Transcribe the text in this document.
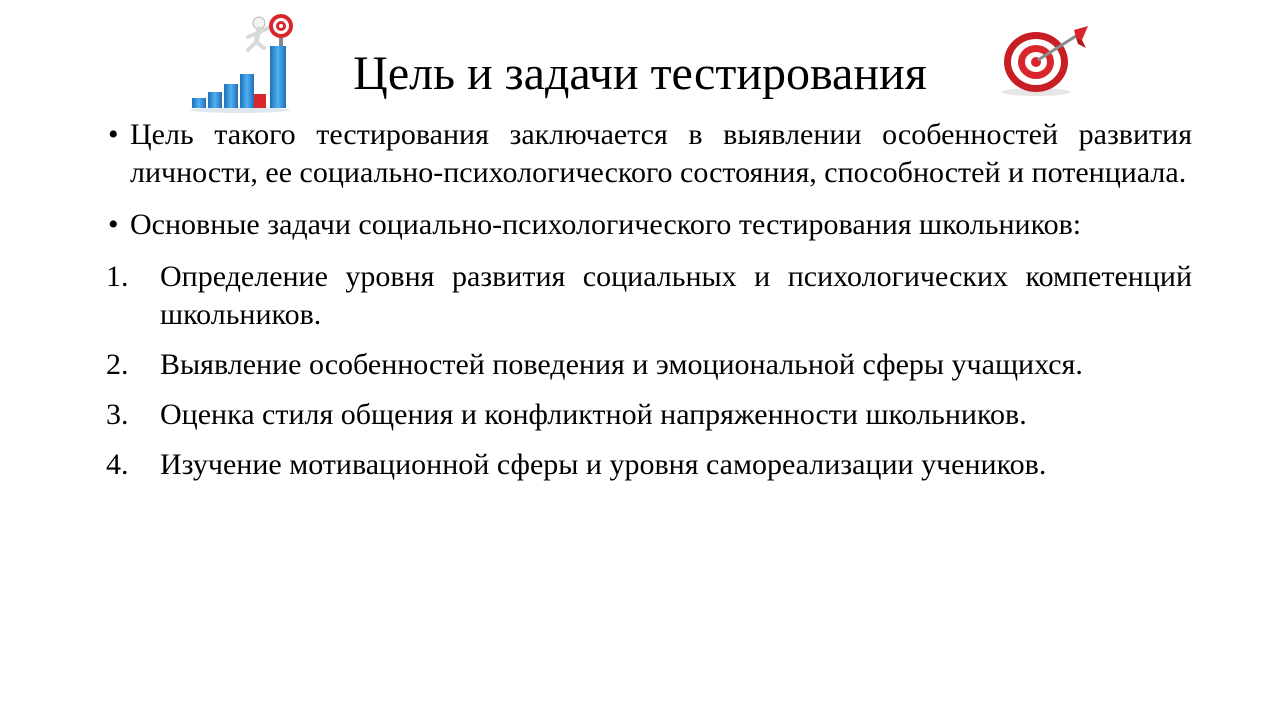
Цель и задачи тестирования
• Цель такого тестирования заключается в выявлении особенностей развития личности, ее социально-психологического состояния, способностей и потенциала.
• Основные задачи социально-психологического тестирования школьников:
1. Определение уровня развития социальных и психологических компетенций школьников.
2. Выявление особенностей поведения и эмоциональной сферы учащихся.
3. Оценка стиля общения и конфликтной напряженности школьников.
4. Изучение мотивационной сферы и уровня самореализации учеников.
